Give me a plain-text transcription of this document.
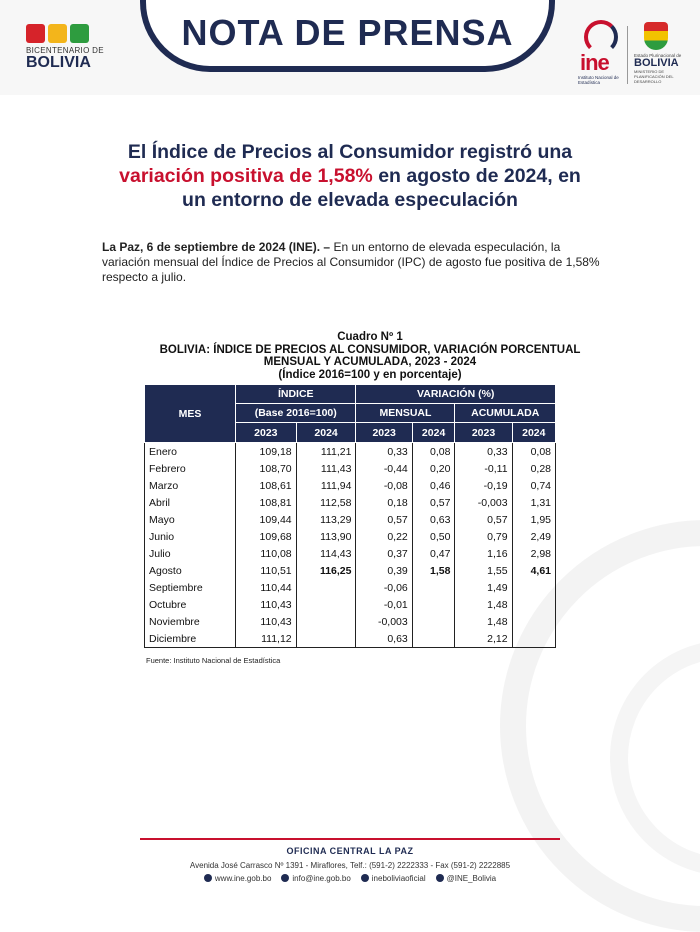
BICENTENARIO DE
BOLIVIA
NOTA DE PRENSA
ine
Instituto Nacional de Estadística
Estado Plurinacional de
BOLIVIA
MINISTERIO DE PLANIFICACIÓN DEL DESARROLLO
El Índice de Precios al Consumidor registró una
variación positiva de 1,58% en agosto de 2024, en
un entorno de elevada especulación
La Paz, 6 de septiembre de 2024 (INE). – En un entorno de elevada especulación, la variación mensual del Índice de Precios al Consumidor (IPC) de agosto fue positiva de 1,58% respecto a julio.
Cuadro Nº 1
BOLIVIA: ÍNDICE DE PRECIOS AL CONSUMIDOR, VARIACIÓN PORCENTUAL
MENSUAL Y ACUMULADA, 2023 - 2024
(Índice 2016=100 y en porcentaje)
MES	ÍNDICE		VARIACIÓN (%)			
	(Base 2016=100)		MENSUAL		ACUMULADA	
	2023	2024	2023	2024	2023	2024
Enero	109,18	111,21	0,33	0,08	0,33	0,08
Febrero	108,70	111,43	-0,44	0,20	-0,11	0,28
Marzo	108,61	111,94	-0,08	0,46	-0,19	0,74
Abril	108,81	112,58	0,18	0,57	-0,003	1,31
Mayo	109,44	113,29	0,57	0,63	0,57	1,95
Junio	109,68	113,90	0,22	0,50	0,79	2,49
Julio	110,08	114,43	0,37	0,47	1,16	2,98
Agosto	110,51	116,25	0,39	1,58	1,55	4,61
Septiembre	110,44		-0,06		1,49	
Octubre	110,43		-0,01		1,48	
Noviembre	110,43		-0,003		1,48	
Diciembre	111,12		0,63		2,12	
Fuente: Instituto Nacional de Estadística
OFICINA CENTRAL LA PAZ
Avenida José Carrasco Nº 1391 - Miraflores, Telf.: (591-2) 2222333 - Fax (591-2) 2222885
www.ine.gob.bo	info@ine.gob.bo	ineboliviaoficial	@INE_Bolivia
